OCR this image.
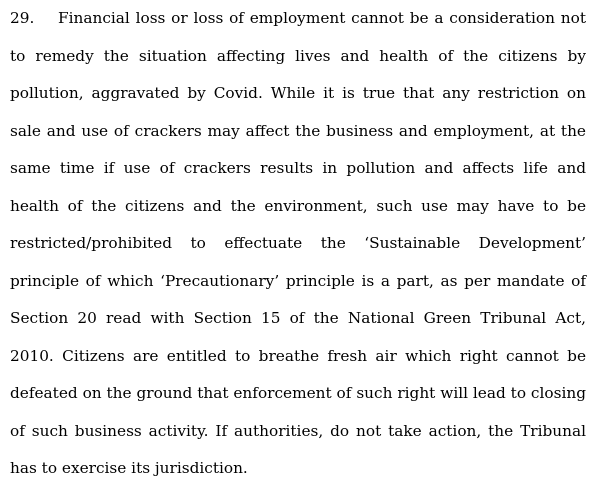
29. Financial loss or loss of employment cannot be a consideration not
to remedy the situation affecting lives and health of the citizens by
pollution, aggravated by Covid. While it is true that any restriction on
sale and use of crackers may affect the business and employment, at the
same time if use of crackers results in pollution and affects life and
health of the citizens and the environment, such use may have to be
restricted/prohibited to effectuate the ‘Sustainable Development’
principle of which ‘Precautionary’ principle is a part, as per mandate of
Section 20 read with Section 15 of the National Green Tribunal Act,
2010. Citizens are entitled to breathe fresh air which right cannot be
defeated on the ground that enforcement of such right will lead to closing
of such business activity. If authorities, do not take action, the Tribunal
has to exercise its jurisdiction.
